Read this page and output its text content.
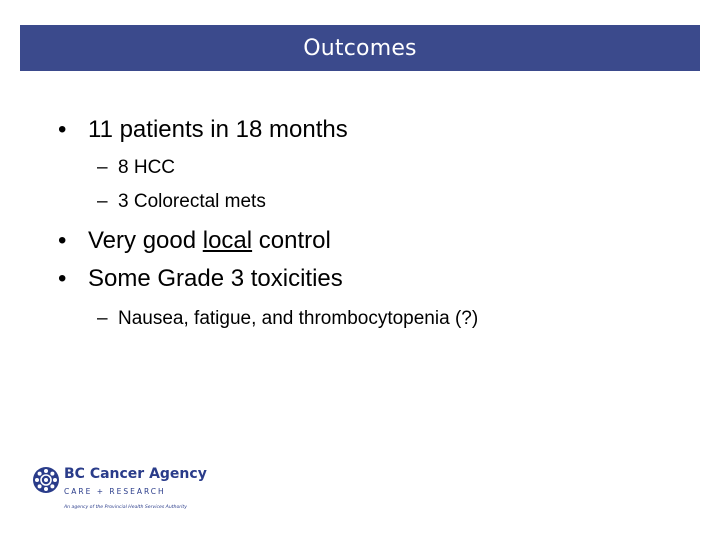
Outcomes
• 11 patients in 18 months
– 8 HCC
– 3 Colorectal mets
• Very good local control
• Some Grade 3 toxicities
– Nausea, fatigue, and thrombocytopenia (?)
BC Cancer Agency
CARE + RESEARCH
An agency of the Provincial Health Services Authority
